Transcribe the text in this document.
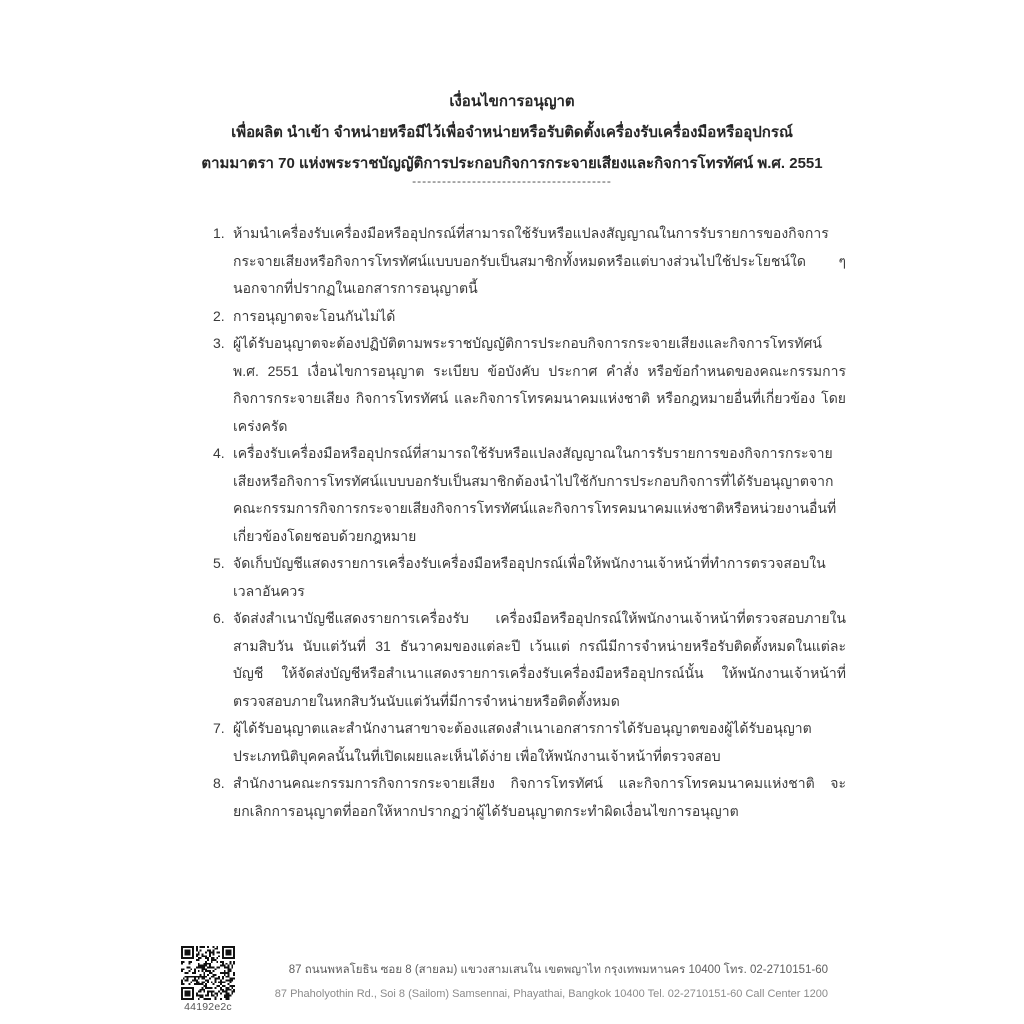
เงื่อนไขการอนุญาต
เพื่อผลิต นำเข้า จำหน่ายหรือมีไว้เพื่อจำหน่ายหรือรับติดตั้งเครื่องรับเครื่องมือหรืออุปกรณ์
ตามมาตรา 70 แห่งพระราชบัญญัติการประกอบกิจการกระจายเสียงและกิจการโทรทัศน์ พ.ศ. 2551
----------------------------------------
ห้ามนำเครื่องรับเครื่องมือหรืออุปกรณ์ที่สามารถใช้รับหรือแปลงสัญญาณในการรับรายการของกิจการกระจายเสียงหรือกิจการโทรทัศน์แบบบอกรับเป็นสมาชิกทั้งหมดหรือแต่บางส่วนไปใช้ประโยชน์ใด ๆ นอกจากที่ปรากฏในเอกสารการอนุญาตนี้
การอนุญาตจะโอนกันไม่ได้
ผู้ได้รับอนุญาตจะต้องปฏิบัติตามพระราชบัญญัติการประกอบกิจการกระจายเสียงและกิจการโทรทัศน์ พ.ศ. 2551 เงื่อนไขการอนุญาต ระเบียบ ข้อบังคับ ประกาศ คำสั่ง หรือข้อกำหนดของคณะกรรมการกิจการกระจายเสียง กิจการโทรทัศน์ และกิจการโทรคมนาคมแห่งชาติ หรือกฎหมายอื่นที่เกี่ยวข้อง โดยเคร่งครัด
เครื่องรับเครื่องมือหรืออุปกรณ์ที่สามารถใช้รับหรือแปลงสัญญาณในการรับรายการของกิจการกระจายเสียงหรือกิจการโทรทัศน์แบบบอกรับเป็นสมาชิกต้องนำไปใช้กับการประกอบกิจการที่ได้รับอนุญาตจากคณะกรรมการกิจการกระจายเสียงกิจการโทรทัศน์และกิจการโทรคมนาคมแห่งชาติหรือหน่วยงานอื่นที่เกี่ยวข้องโดยชอบด้วยกฎหมาย
จัดเก็บบัญชีแสดงรายการเครื่องรับเครื่องมือหรืออุปกรณ์เพื่อให้พนักงานเจ้าหน้าที่ทำการตรวจสอบในเวลาอันควร
จัดส่งสำเนาบัญชีแสดงรายการเครื่องรับ เครื่องมือหรืออุปกรณ์ให้พนักงานเจ้าหน้าที่ตรวจสอบภายในสามสิบวัน นับแต่วันที่ 31 ธันวาคมของแต่ละปี เว้นแต่ กรณีมีการจำหน่ายหรือรับติดตั้งหมดในแต่ละบัญชี ให้จัดส่งบัญชีหรือสำเนาแสดงรายการเครื่องรับเครื่องมือหรืออุปกรณ์นั้น ให้พนักงานเจ้าหน้าที่ตรวจสอบภายในหกสิบวันนับแต่วันที่มีการจำหน่ายหรือติดตั้งหมด
ผู้ได้รับอนุญาตและสำนักงานสาขาจะต้องแสดงสำเนาเอกสารการได้รับอนุญาตของผู้ได้รับอนุญาตประเภทนิติบุคคลนั้นในที่เปิดเผยและเห็นได้ง่าย เพื่อให้พนักงานเจ้าหน้าที่ตรวจสอบ
สำนักงานคณะกรรมการกิจการกระจายเสียง กิจการโทรทัศน์ และกิจการโทรคมนาคมแห่งชาติ จะยกเลิกการอนุญาตที่ออกให้หากปรากฏว่าผู้ได้รับอนุญาตกระทำผิดเงื่อนไขการอนุญาต
44192e2c
87 ถนนพหลโยธิน ซอย 8 (สายลม) แขวงสามเสนใน เขตพญาไท กรุงเทพมหานคร 10400 โทร. 02-2710151-60
87 Phaholyothin Rd., Soi 8 (Sailom) Samsennai, Phayathai, Bangkok 10400 Tel. 02-2710151-60 Call Center 1200
